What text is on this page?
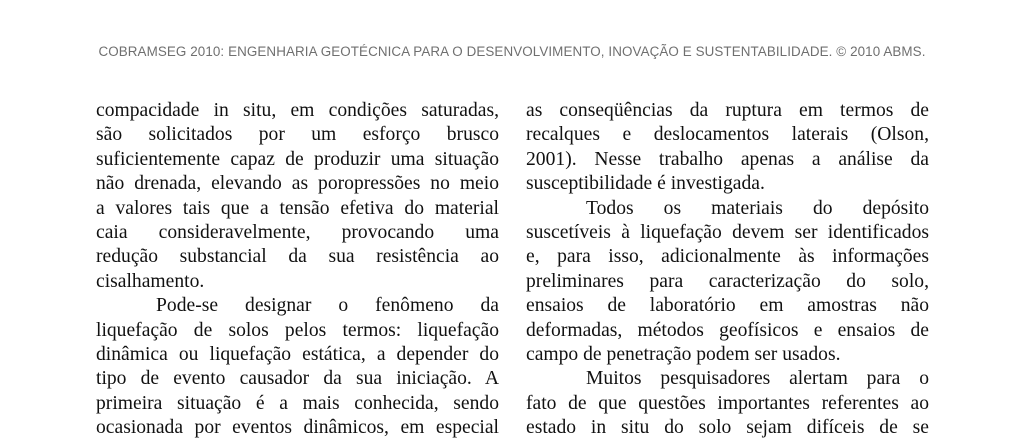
COBRAMSEG 2010: ENGENHARIA GEOTÉCNICA PARA O DESENVOLVIMENTO, INOVAÇÃO E SUSTENTABILIDADE. © 2010 ABMS.
compacidade in situ, em condições saturadas,
são solicitados por um esforço brusco
suficientemente capaz de produzir uma situação
não drenada, elevando as poropressões no meio
a valores tais que a tensão efetiva do material
caia consideravelmente, provocando uma
redução substancial da sua resistência ao
cisalhamento.
Pode-se designar o fenômeno da
liquefação de solos pelos termos: liquefação
dinâmica ou liquefação estática, a depender do
tipo de evento causador da sua iniciação. A
primeira situação é a mais conhecida, sendo
ocasionada por eventos dinâmicos, em especial
as conseqüências da ruptura em termos de
recalques e deslocamentos laterais (Olson,
2001). Nesse trabalho apenas a análise da
susceptibilidade é investigada.
Todos os materiais do depósito
suscetíveis à liquefação devem ser identificados
e, para isso, adicionalmente às informações
preliminares para caracterização do solo,
ensaios de laboratório em amostras não
deformadas, métodos geofísicos e ensaios de
campo de penetração podem ser usados.
Muitos pesquisadores alertam para o
fato de que questões importantes referentes ao
estado in situ do solo sejam difíceis de se
